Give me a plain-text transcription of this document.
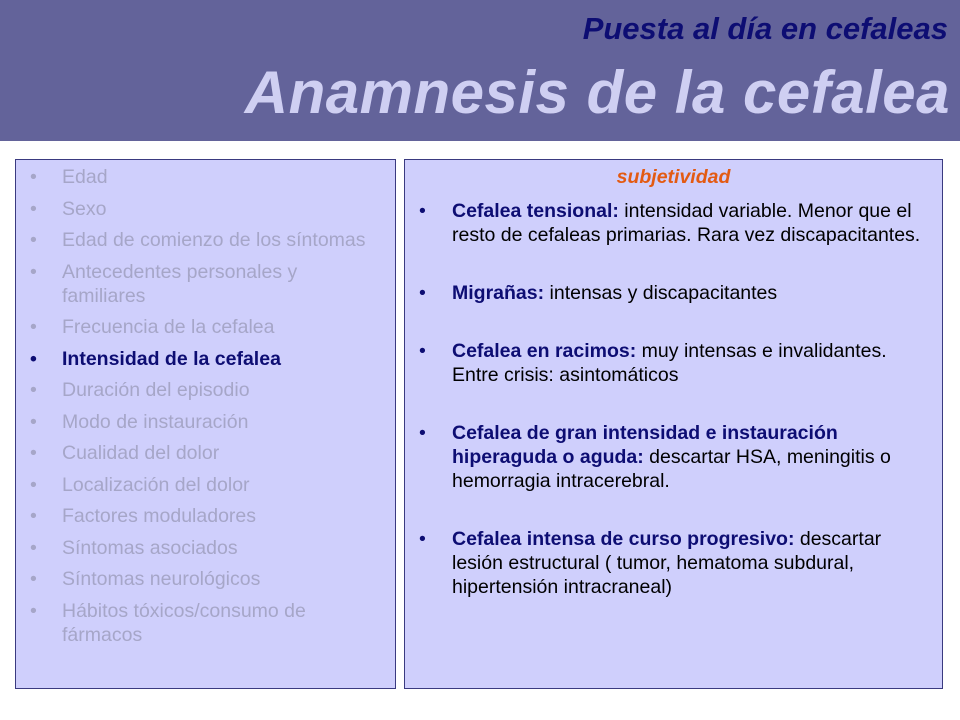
Puesta al día en cefaleas
Anamnesis de la cefalea
• Edad
• Sexo
• Edad de comienzo de los síntomas
• Antecedentes personales y familiares
• Frecuencia de la cefalea
• Intensidad de la cefalea
• Duración del episodio
• Modo de instauración
• Cualidad del dolor
• Localización del dolor
• Factores moduladores
• Síntomas asociados
• Síntomas neurológicos
• Hábitos tóxicos/consumo de fármacos
subjetividad
• Cefalea tensional: intensidad variable. Menor que el resto de cefaleas primarias. Rara vez discapacitantes.
• Migrañas: intensas y discapacitantes
• Cefalea en racimos: muy intensas e invalidantes. Entre crisis: asintomáticos
• Cefalea de gran intensidad e instauración hiperaguda o aguda: descartar HSA, meningitis o hemorragia intracerebral.
• Cefalea intensa de curso progresivo: descartar lesión estructural ( tumor, hematoma subdural, hipertensión intracraneal)
